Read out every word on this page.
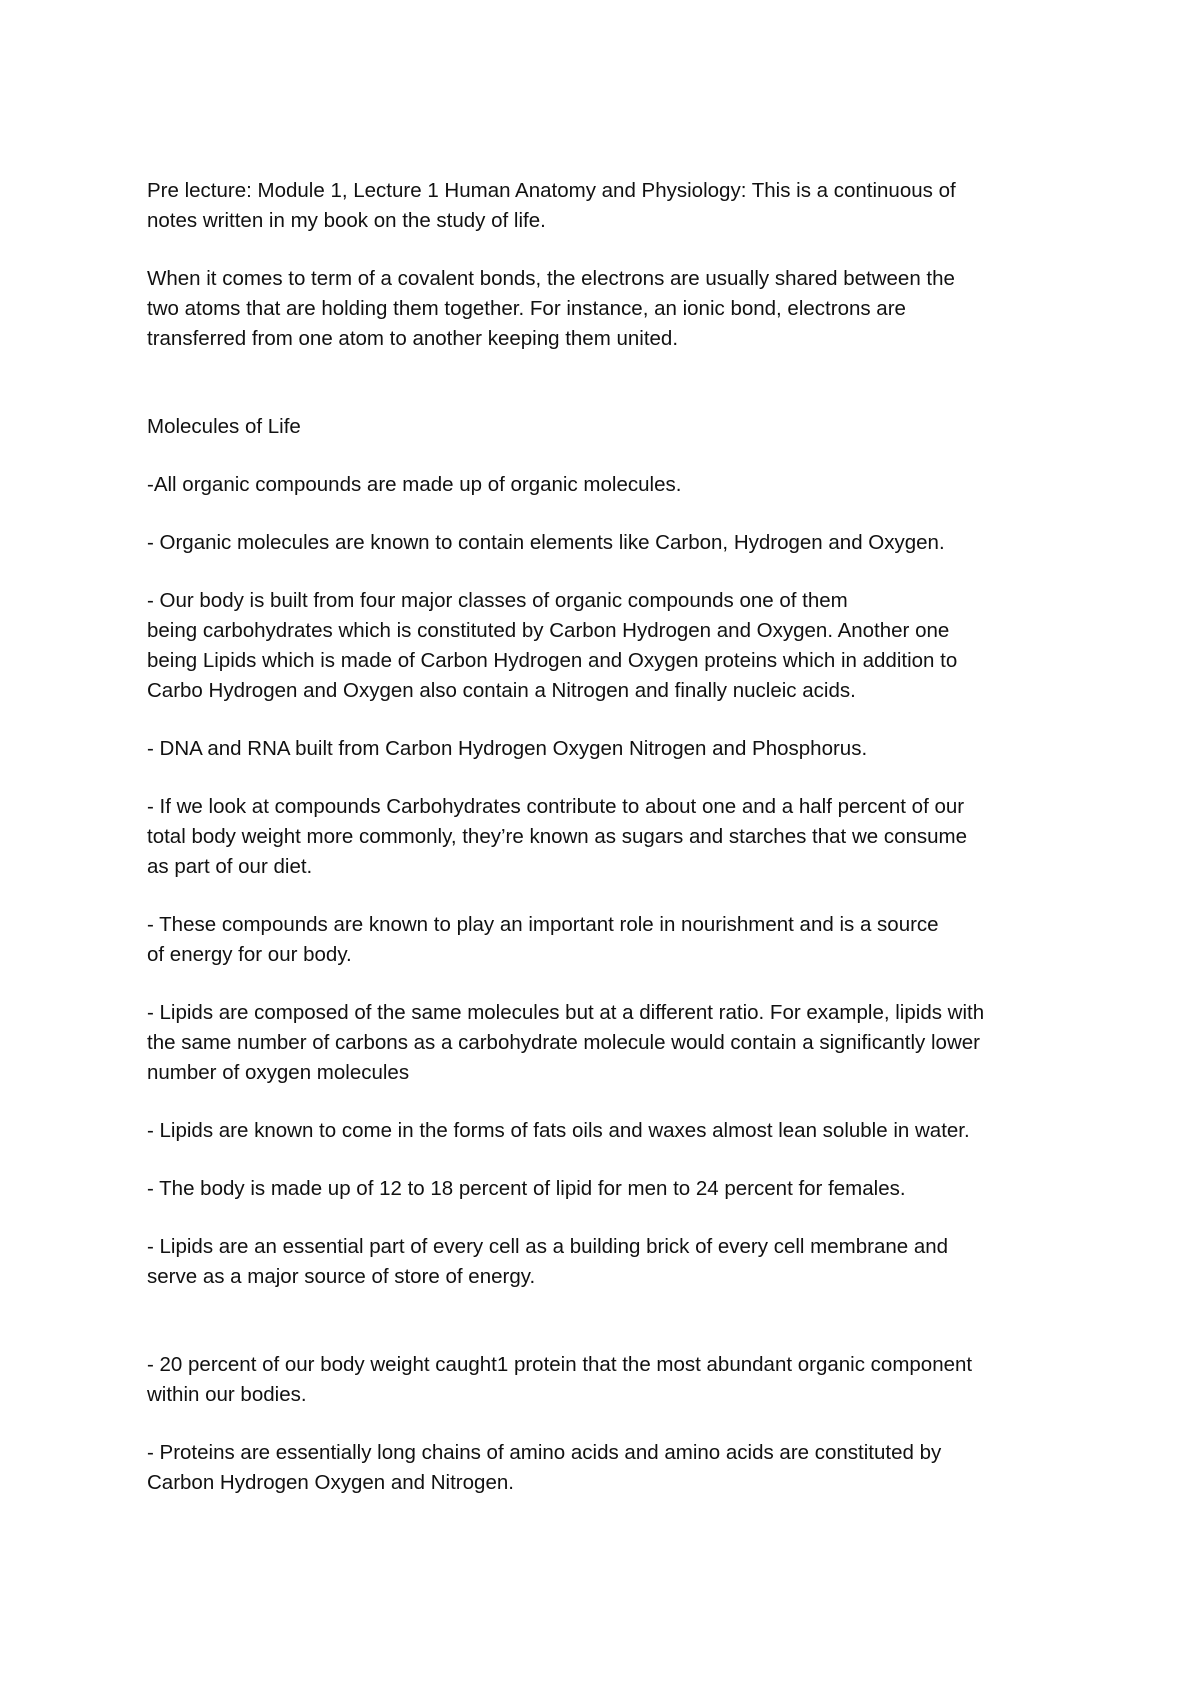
Pre lecture: Module 1, Lecture 1 Human Anatomy and Physiology: This is a continuous of
notes written in my book on the study of life.

When it comes to term of a covalent bonds, the electrons are usually shared between the
two atoms that are holding them together. For instance, an ionic bond, electrons are
transferred from one atom to another keeping them united.

Molecules of Life

-All organic compounds are made up of organic molecules.

- Organic molecules are known to contain elements like Carbon, Hydrogen and Oxygen.

- Our body is built from four major classes of organic compounds one of them
being carbohydrates which is constituted by Carbon Hydrogen and Oxygen. Another one
being Lipids which is made of Carbon Hydrogen and Oxygen proteins which in addition to
Carbo Hydrogen and Oxygen also contain a Nitrogen and finally nucleic acids.

- DNA and RNA built from Carbon Hydrogen Oxygen Nitrogen and Phosphorus.

- If we look at compounds Carbohydrates contribute to about one and a half percent of our
total body weight more commonly, they’re known as sugars and starches that we consume
as part of our diet.

- These compounds are known to play an important role in nourishment and is a source
of energy for our body.

- Lipids are composed of the same molecules but at a different ratio. For example, lipids with
the same number of carbons as a carbohydrate molecule would contain a significantly lower
number of oxygen molecules

- Lipids are known to come in the forms of fats oils and waxes almost lean soluble in water.

- The body is made up of 12 to 18 percent of lipid for men to 24 percent for females.

- Lipids are an essential part of every cell as a building brick of every cell membrane and
serve as a major source of store of energy.

- 20 percent of our body weight caught1 protein that the most abundant organic component
within our bodies.

- Proteins are essentially long chains of amino acids and amino acids are constituted by
Carbon Hydrogen Oxygen and Nitrogen.
